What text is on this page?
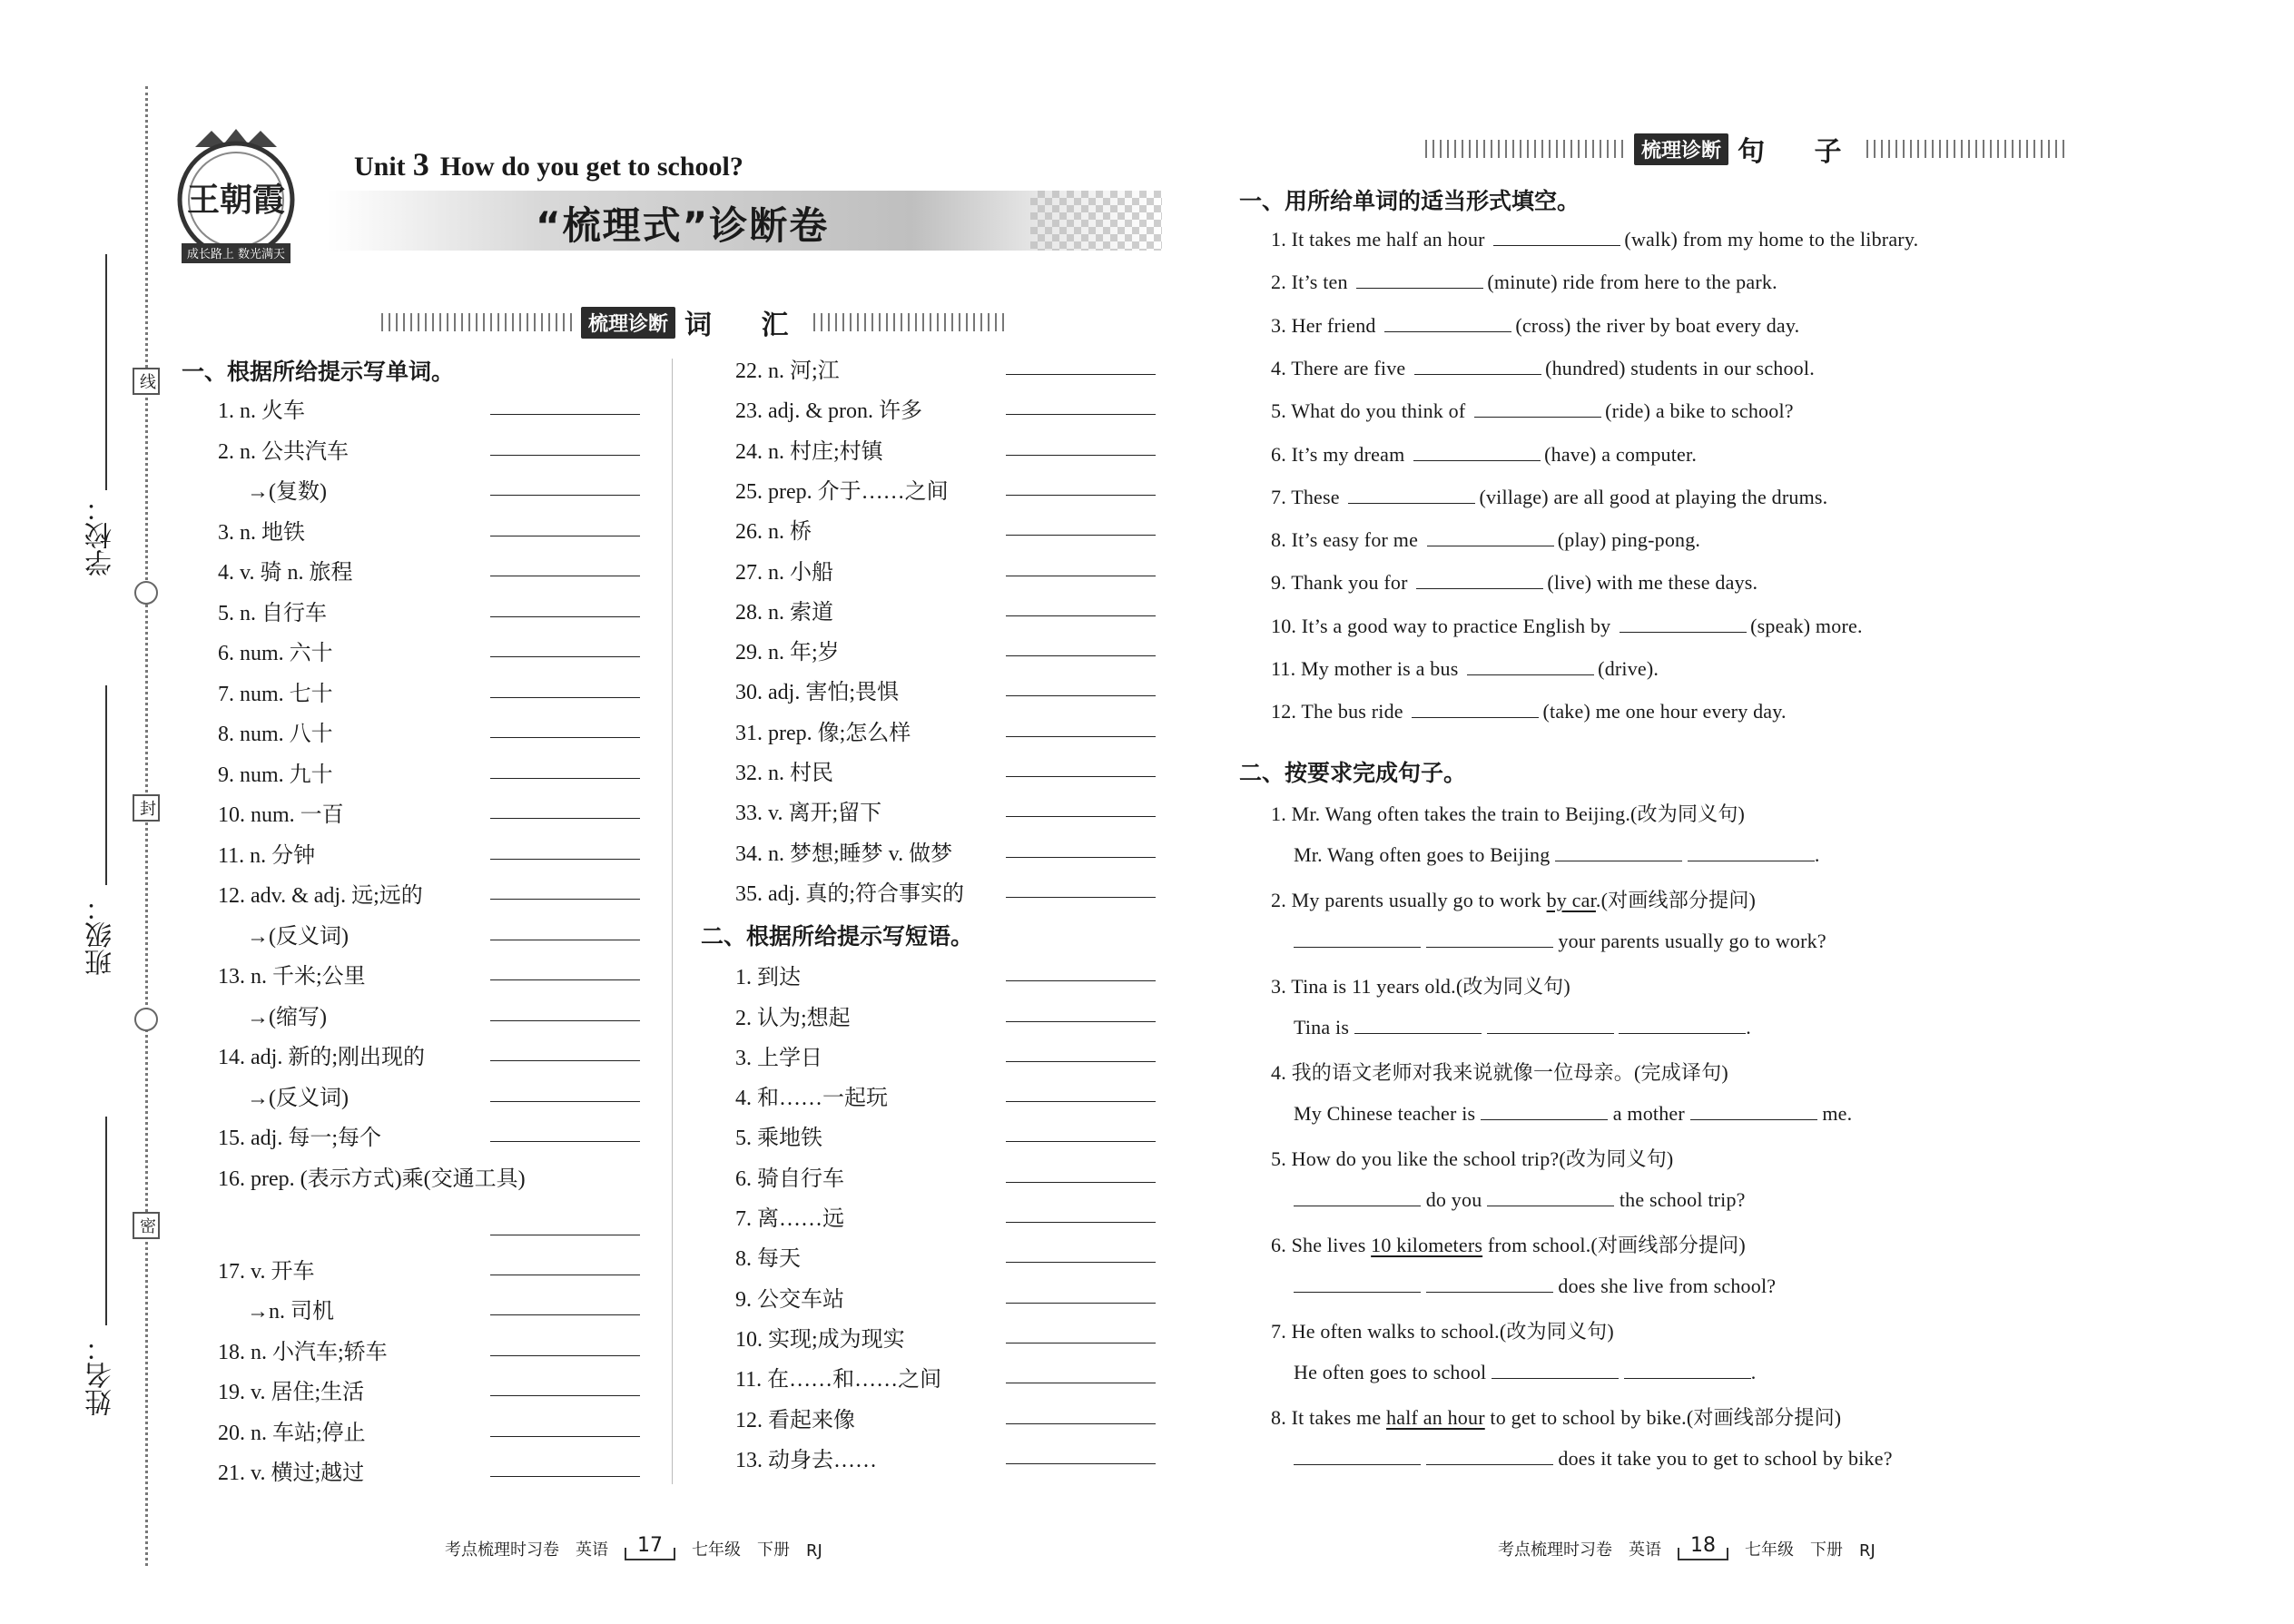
学校：
班级：
姓名：
线
封
密
王朝霞
成长路上 数光满天
Unit 3 How do you get to school?
“梳理式”诊断卷
梳理诊断 词 汇
一、根据所给提示写单词。
1. n. 火车
2. n. 公共汽车
→(复数)
3. n. 地铁
4. v. 骑 n. 旅程
5. n. 自行车
6. num. 六十
7. num. 七十
8. num. 八十
9. num. 九十
10. num. 一百
11. n. 分钟
12. adv. & adj. 远;远的
→(反义词)
13. n. 千米;公里
→(缩写)
14. adj. 新的;刚出现的
→(反义词)
15. adj. 每一;每个
16. prep. (表示方式)乘(交通工具)
17. v. 开车
→n. 司机
18. n. 小汽车;轿车
19. v. 居住;生活
20. n. 车站;停止
21. v. 横过;越过
22. n. 河;江
23. adj. & pron. 许多
24. n. 村庄;村镇
25. prep. 介于……之间
26. n. 桥
27. n. 小船
28. n. 索道
29. n. 年;岁
30. adj. 害怕;畏惧
31. prep. 像;怎么样
32. n. 村民
33. v. 离开;留下
34. n. 梦想;睡梦 v. 做梦
35. adj. 真的;符合事实的
二、根据所给提示写短语。
1. 到达
2. 认为;想起
3. 上学日
4. 和……一起玩
5. 乘地铁
6. 骑自行车
7. 离……远
8. 每天
9. 公交车站
10. 实现;成为现实
11. 在……和……之间
12. 看起来像
13. 动身去……
梳理诊断 句 子
一、用所给单词的适当形式填空。
1. It takes me half an hour	(walk) from my home to the library.
2. It’s ten	(minute) ride from here to the park.
3. Her friend	(cross) the river by boat every day.
4. There are five	(hundred) students in our school.
5. What do you think of	(ride) a bike to school?
6. It’s my dream	(have) a computer.
7. These	(village) are all good at playing the drums.
8. It’s easy for me	(play) ping-pong.
9. Thank you for	(live) with me these days.
10. It’s a good way to practice English by	(speak) more.
11. My mother is a bus	(drive).
12. The bus ride	(take) me one hour every day.
二、按要求完成句子。
1. Mr. Wang often takes the train to Beijing.(改为同义句)
Mr. Wang often goes to Beijing	.
2. My parents usually go to work by car.(对画线部分提问)
your parents usually go to work?
3. Tina is 11 years old.(改为同义句)
Tina is	.
4. 我的语文老师对我来说就像一位母亲。(完成译句)
My Chinese teacher is	a mother	me.
5. How do you like the school trip?(改为同义句)
do you	the school trip?
6. She lives 10 kilometers from school.(对画线部分提问)
does she live from school?
7. He often walks to school.(改为同义句)
He often goes to school	.
8. It takes me half an hour to get to school by bike.(对画线部分提问)
does it take you to get to school by bike?
考点梳理时习卷 英语	17	七年级 下册 RJ	考点梳理时习卷 英语	18	七年级 下册 RJ
